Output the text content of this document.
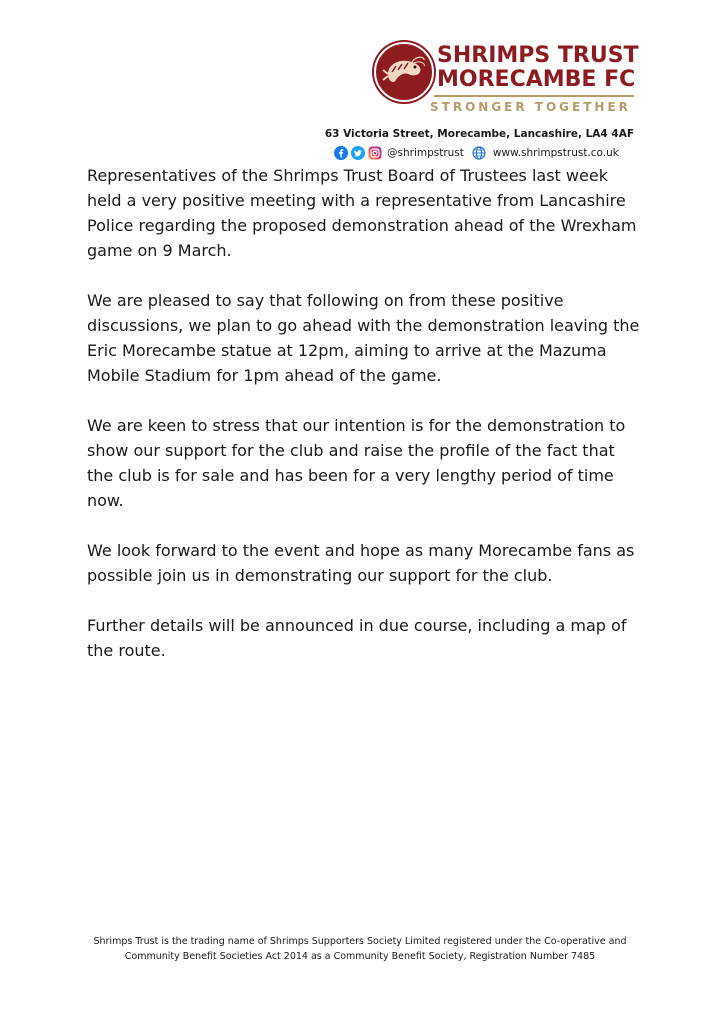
SHRIMPS TRUST
MORECAMBE FC
STRONGER TOGETHER
63 Victoria Street, Morecambe, Lancashire, LA4 4AF
@shrimpstrust	www.shrimpstrust.co.uk

Representatives of the Shrimps Trust Board of Trustees last week held a very positive meeting with a representative from Lancashire Police regarding the proposed demonstration ahead of the Wrexham game on 9 March.

We are pleased to say that following on from these positive discussions, we plan to go ahead with the demonstration leaving the Eric Morecambe statue at 12pm, aiming to arrive at the Mazuma Mobile Stadium for 1pm ahead of the game.

We are keen to stress that our intention is for the demonstration to show our support for the club and raise the profile of the fact that the club is for sale and has been for a very lengthy period of time now.

We look forward to the event and hope as many Morecambe fans as possible join us in demonstrating our support for the club.

Further details will be announced in due course, including a map of the route.

Shrimps Trust is the trading name of Shrimps Supporters Society Limited registered under the Co-operative and
Community Benefit Societies Act 2014 as a Community Benefit Society, Registration Number 7485
